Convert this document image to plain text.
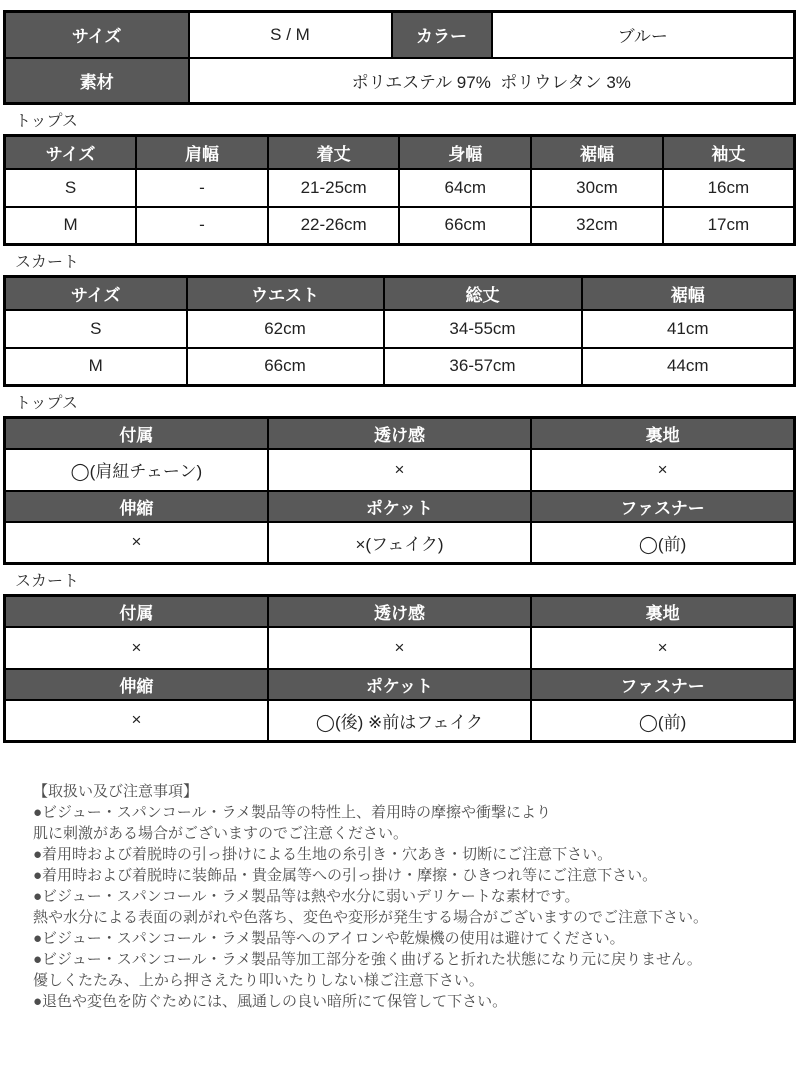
サイズ	S / M	カラー	ブルー
素材	ポリエステル 97%  ポリウレタン 3%		
トップス
サイズ	肩幅	着丈	身幅	裾幅	袖丈
S	-	21-25cm	64cm	30cm	16cm
M	-	22-26cm	66cm	32cm	17cm
スカート
サイズ	ウエスト	総丈	裾幅
S	62cm	34-55cm	41cm
M	66cm	36-57cm	44cm
トップス
付属	透け感	裏地
◯(肩紐チェーン)	×	×
伸縮	ポケット	ファスナー
×	×(フェイク)	◯(前)
スカート
付属	透け感	裏地
×	×	×
伸縮	ポケット	ファスナー
×	◯(後) ※前はフェイク	◯(前)
【取扱い及び注意事項】
●ビジュー・スパンコール・ラメ製品等の特性上、着用時の摩擦や衝撃により
肌に刺激がある場合がございますのでご注意ください。
●着用時および着脱時の引っ掛けによる生地の糸引き・穴あき・切断にご注意下さい。
●着用時および着脱時に装飾品・貴金属等への引っ掛け・摩擦・ひきつれ等にご注意下さい。
●ビジュー・スパンコール・ラメ製品等は熱や水分に弱いデリケートな素材です。
熱や水分による表面の剥がれや色落ち、変色や変形が発生する場合がございますのでご注意下さい。
●ビジュー・スパンコール・ラメ製品等へのアイロンや乾燥機の使用は避けてください。
●ビジュー・スパンコール・ラメ製品等加工部分を強く曲げると折れた状態になり元に戻りません。
優しくたたみ、上から押さえたり叩いたりしない様ご注意下さい。
●退色や変色を防ぐためには、風通しの良い暗所にて保管して下さい。
